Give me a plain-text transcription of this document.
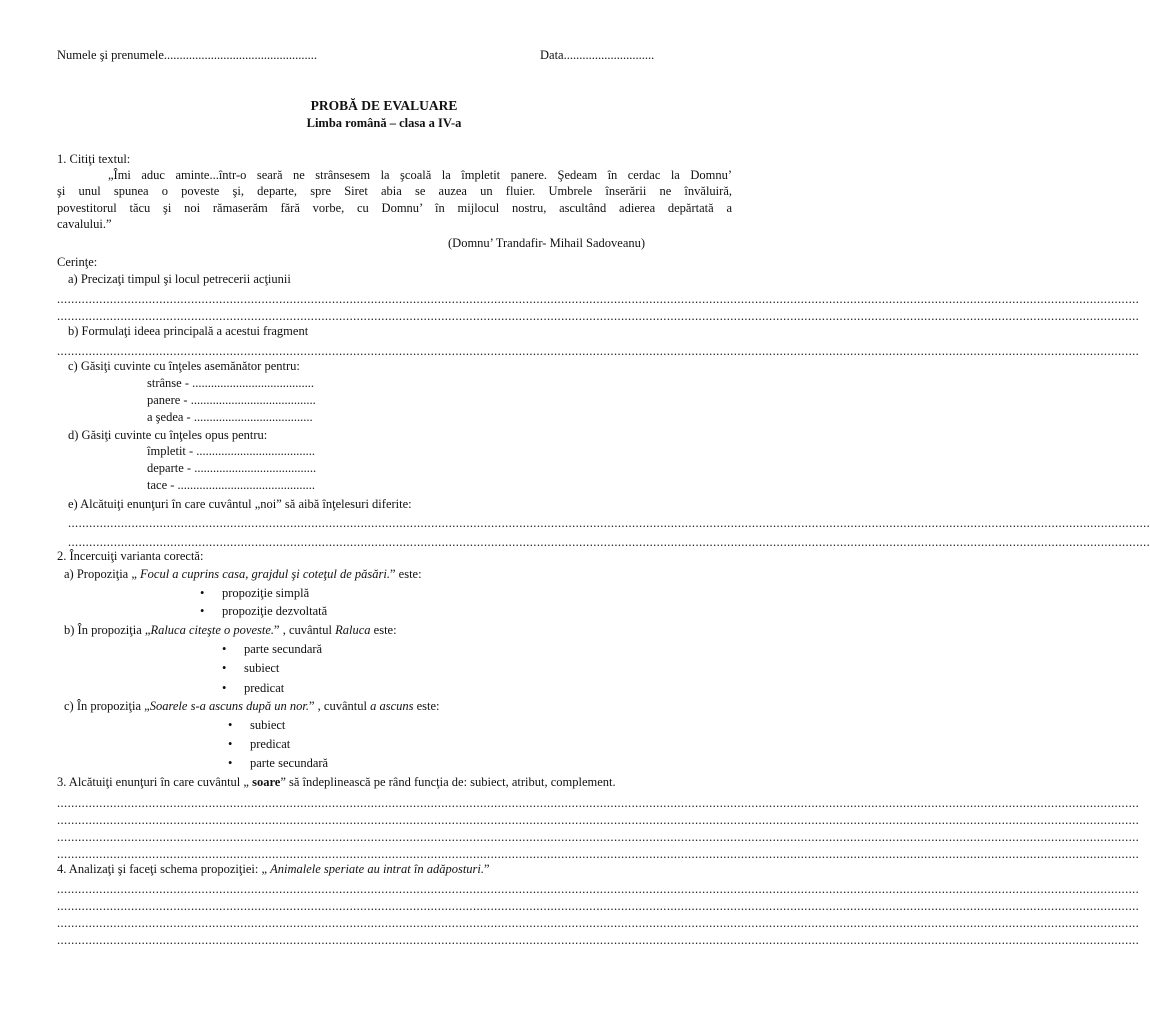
Numele şi prenumele.................................................	Data.............................
PROBĂ DE EVALUARE
Limba română – clasa a IV-a
1. Citiţi textul:
„Îmi aduc aminte...într-o seară ne strânsesem la şcoală la împletit panere. Şedeam în cerdac la Domnu’
şi unul spunea o poveste şi, departe, spre Siret abia se auzea un fluier. Umbrele înserării ne învăluiră,
povestitorul tăcu şi noi rămaserăm fără vorbe, cu Domnu’ în mijlocul nostru, ascultând adierea depărtată a
cavalului.”
(Domnu’ Trandafir- Mihail Sadoveanu)
Cerinţe:
a) Precizaţi timpul şi locul petrecerii acţiunii
...................................................................................................................................................................................................................................................................................................................
...................................................................................................................................................................................................................................................................................................................
b) Formulaţi ideea principală a acestui fragment
...................................................................................................................................................................................................................................................................................................................
c) Găsiţi cuvinte cu înţeles asemănător pentru:
strânse - .......................................
panere - ........................................
a şedea - ......................................
d) Găsiţi cuvinte cu înţeles opus pentru:
împletit - ......................................
departe - .......................................
tace - ............................................
e) Alcătuiţi enunţuri în care cuvântul „noi” să aibă înţelesuri diferite:
...................................................................................................................................................................................................................................................................................................................
...................................................................................................................................................................................................................................................................................................................
2. Încercuiţi varianta corectă:
a) Propoziţia „ Focul a cuprins casa, grajdul şi coteţul de păsări.” este:
• propoziţie simplă
• propoziţie dezvoltată
b) În propoziţia „Raluca citeşte o poveste.” , cuvântul Raluca este:
• parte secundară
• subiect
• predicat
c) În propoziţia „Soarele s-a ascuns după un nor.” , cuvântul a ascuns este:
• subiect
• predicat
• parte secundară
3. Alcătuiţi enunţuri în care cuvântul „ soare” să îndeplinească pe rând funcţia de: subiect, atribut, complement.
...................................................................................................................................................................................................................................................................................................................
...................................................................................................................................................................................................................................................................................................................
...................................................................................................................................................................................................................................................................................................................
...................................................................................................................................................................................................................................................................................................................
4. Analizaţi şi faceţi schema propoziţiei: „ Animalele speriate au intrat în adăposturi.”
...................................................................................................................................................................................................................................................................................................................
...................................................................................................................................................................................................................................................................................................................
...................................................................................................................................................................................................................................................................................................................
...................................................................................................................................................................................................................................................................................................................
